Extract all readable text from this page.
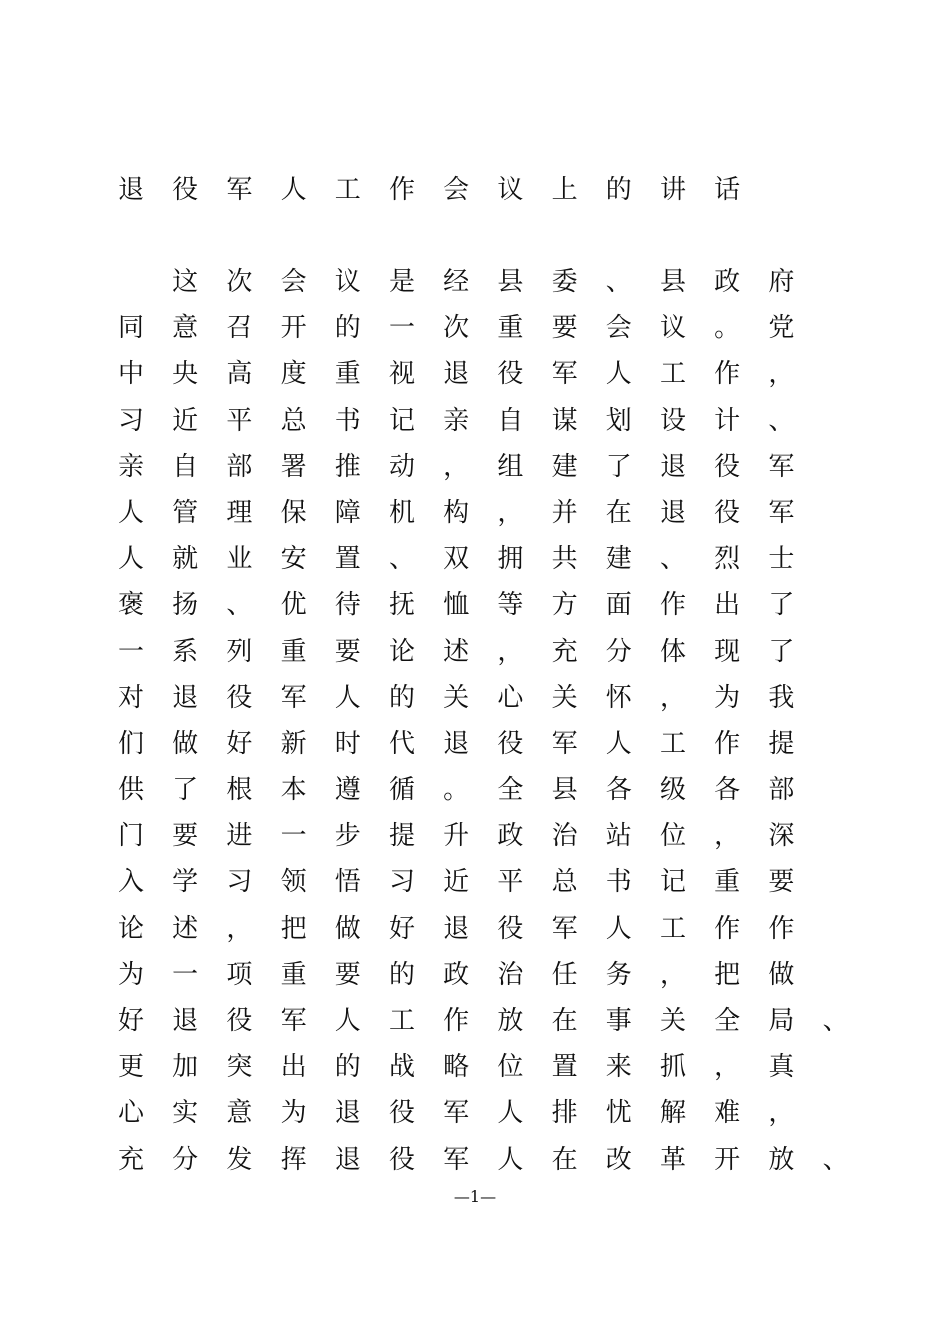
退	役	军	人	工	作	会	议	上	的	讲	话

这	次	会	议	是	经	县	委	、	县	政	府
同	意	召	开	的	一	次	重	要	会	议	。	党
中	央	高	度	重	视	退	役	军	人	工	作	，
习	近	平	总	书	记	亲	自	谋	划	设	计	、
亲	自	部	署	推	动	，	组	建	了	退	役	军
人	管	理	保	障	机	构	，	并	在	退	役	军
人	就	业	安	置	、	双	拥	共	建	、	烈	士
褒	扬	、	优	待	抚	恤	等	方	面	作	出	了
一	系	列	重	要	论	述	，	充	分	体	现	了
对	退	役	军	人	的	关	心	关	怀	，	为	我
们	做	好	新	时	代	退	役	军	人	工	作	提
供	了	根	本	遵	循	。	全	县	各	级	各	部
门	要	进	一	步	提	升	政	治	站	位	，	深
入	学	习	领	悟	习	近	平	总	书	记	重	要
论	述	，	把	做	好	退	役	军	人	工	作	作
为	一	项	重	要	的	政	治	任	务	，	把	做
好	退	役	军	人	工	作	放	在	事	关	全	局	、
更	加	突	出	的	战	略	位	置	来	抓	，	真
心	实	意	为	退	役	军	人	排	忧	解	难	，
充	分	发	挥	退	役	军	人	在	改	革	开	放	、
—1—
